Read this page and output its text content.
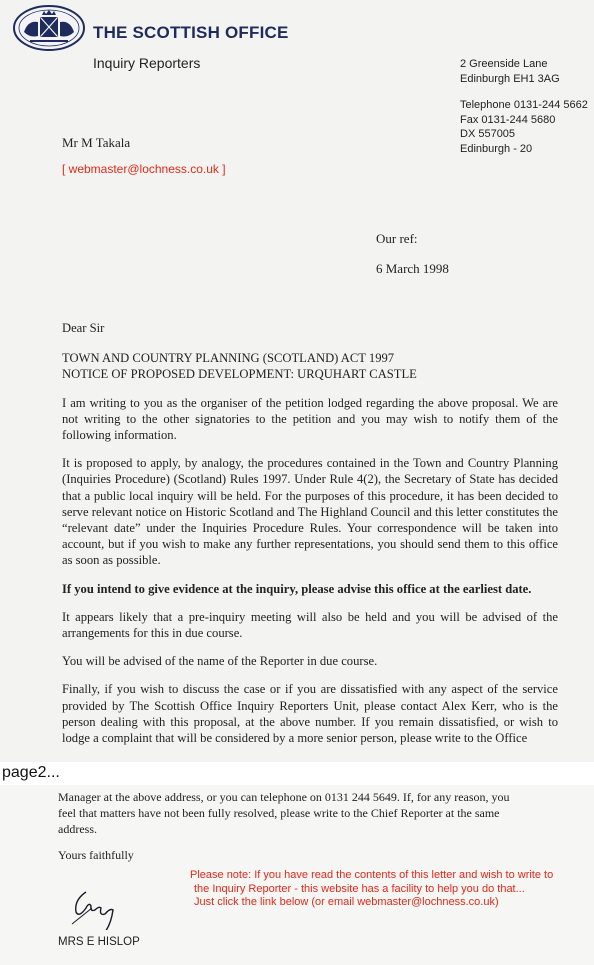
THE SCOTTISH OFFICE
Inquiry Reporters	2 Greenside Lane
Edinburgh EH1 3AG
Telephone 0131-244 5662
Fax 0131-244 5680
DX 557005
Edinburgh - 20
Mr M Takala
[ webmaster@lochness.co.uk ]
Our ref:
6 March 1998

Dear Sir

TOWN AND COUNTRY PLANNING (SCOTLAND) ACT 1997
NOTICE OF PROPOSED DEVELOPMENT: URQUHART CASTLE

I am writing to you as the organiser of the petition lodged regarding the above proposal. We are not writing to the other signatories to the petition and you may wish to notify them of the following information.

It is proposed to apply, by analogy, the procedures contained in the Town and Country Planning (Inquiries Procedure) (Scotland) Rules 1997. Under Rule 4(2), the Secretary of State has decided that a public local inquiry will be held. For the purposes of this procedure, it has been decided to serve relevant notice on Historic Scotland and The Highland Council and this letter constitutes the “relevant date” under the Inquiries Procedure Rules. Your correspondence will be taken into account, but if you wish to make any further representations, you should send them to this office as soon as possible.

If you intend to give evidence at the inquiry, please advise this office at the earliest date.

It appears likely that a pre-inquiry meeting will also be held and you will be advised of the arrangements for this in due course.

You will be advised of the name of the Reporter in due course.

Finally, if you wish to discuss the case or if you are dissatisfied with any aspect of the service provided by The Scottish Office Inquiry Reporters Unit, please contact Alex Kerr, who is the person dealing with this proposal, at the above number. If you remain dissatisfied, or wish to lodge a complaint that will be considered by a more senior person, please write to the Office

page2...
Manager at the above address, or you can telephone on 0131 244 5649. If, for any reason, you feel that matters have not been fully resolved, please write to the Chief Reporter at the same address.
Yours faithfully
MRS E HISLOP
Please note: If you have read the contents of this letter and wish to write to
the Inquiry Reporter - this website has a facility to help you do that...
Just click the link below (or email webmaster@lochness.co.uk)
